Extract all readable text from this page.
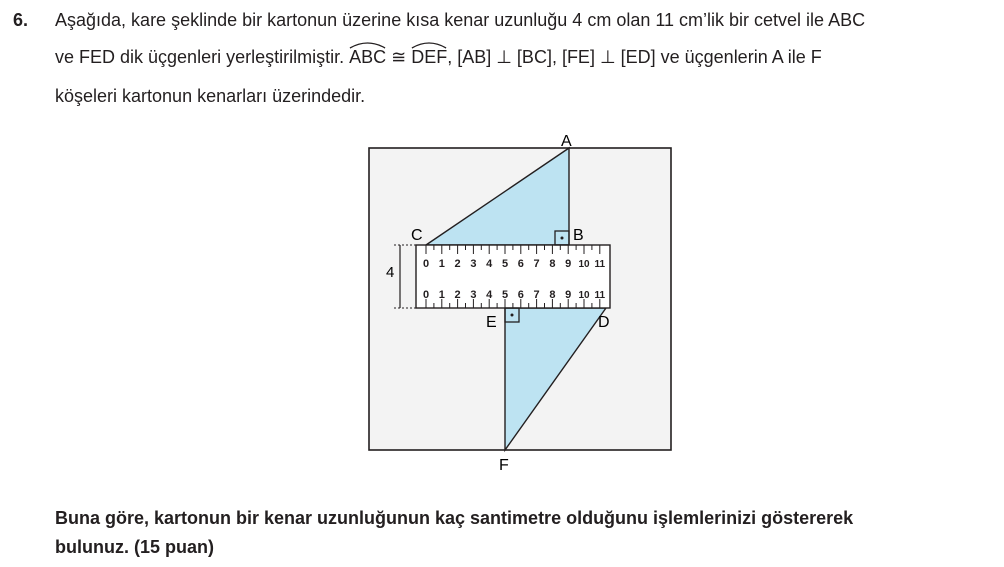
6. Aşağıda, kare şeklinde bir kartonun üzerine kısa kenar uzunluğu 4 cm olan 11 cm’lik bir cetvel ile ABC
ve FED dik üçgenleri yerleştirilmiştir. ABC ≅ DEF, [AB] ⊥ [BC], [FE] ⊥ [ED] ve üçgenlerin A ile F
köşeleri kartonun kenarları üzerindedir.
0 1 2 3 4 5 6 7 8 9 10 11
0 1 2 3 4 5 6 7 8 9 10 11
4
A
B
C
D
E
F
Buna göre, kartonun bir kenar uzunluğunun kaç santimetre olduğunu işlemlerinizi göstererek
bulunuz. (15 puan)
